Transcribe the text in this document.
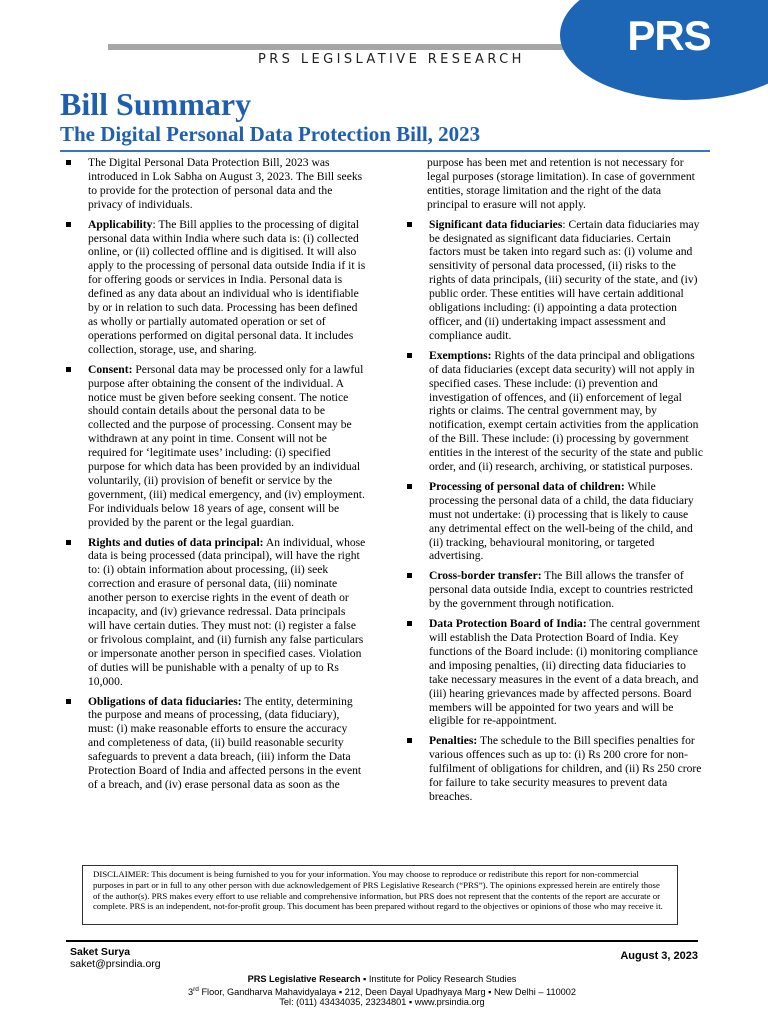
PRS
PRS LEGISLATIVE RESEARCH
Bill Summary
The Digital Personal Data Protection Bill, 2023
The Digital Personal Data Protection Bill, 2023 was introduced in Lok Sabha on August 3, 2023. The Bill seeks to provide for the protection of personal data and the privacy of individuals.
Applicability: The Bill applies to the processing of digital personal data within India where such data is: (i) collected online, or (ii) collected offline and is digitised. It will also apply to the processing of personal data outside India if it is for offering goods or services in India. Personal data is defined as any data about an individual who is identifiable by or in relation to such data. Processing has been defined as wholly or partially automated operation or set of operations performed on digital personal data. It includes collection, storage, use, and sharing.
Consent: Personal data may be processed only for a lawful purpose after obtaining the consent of the individual. A notice must be given before seeking consent. The notice should contain details about the personal data to be collected and the purpose of processing. Consent may be withdrawn at any point in time. Consent will not be required for ‘legitimate uses’ including: (i) specified purpose for which data has been provided by an individual voluntarily, (ii) provision of benefit or service by the government, (iii) medical emergency, and (iv) employment. For individuals below 18 years of age, consent will be provided by the parent or the legal guardian.
Rights and duties of data principal: An individual, whose data is being processed (data principal), will have the right to: (i) obtain information about processing, (ii) seek correction and erasure of personal data, (iii) nominate another person to exercise rights in the event of death or incapacity, and (iv) grievance redressal. Data principals will have certain duties. They must not: (i) register a false or frivolous complaint, and (ii) furnish any false particulars or impersonate another person in specified cases. Violation of duties will be punishable with a penalty of up to Rs 10,000.
Obligations of data fiduciaries: The entity, determining the purpose and means of processing, (data fiduciary), must: (i) make reasonable efforts to ensure the accuracy and completeness of data, (ii) build reasonable security safeguards to prevent a data breach, (iii) inform the Data Protection Board of India and affected persons in the event of a breach, and (iv) erase personal data as soon as the
purpose has been met and retention is not necessary for legal purposes (storage limitation). In case of government entities, storage limitation and the right of the data principal to erasure will not apply.
Significant data fiduciaries: Certain data fiduciaries may be designated as significant data fiduciaries. Certain factors must be taken into regard such as: (i) volume and sensitivity of personal data processed, (ii) risks to the rights of data principals, (iii) security of the state, and (iv) public order. These entities will have certain additional obligations including: (i) appointing a data protection officer, and (ii) undertaking impact assessment and compliance audit.
Exemptions: Rights of the data principal and obligations of data fiduciaries (except data security) will not apply in specified cases. These include: (i) prevention and investigation of offences, and (ii) enforcement of legal rights or claims. The central government may, by notification, exempt certain activities from the application of the Bill. These include: (i) processing by government entities in the interest of the security of the state and public order, and (ii) research, archiving, or statistical purposes.
Processing of personal data of children: While processing the personal data of a child, the data fiduciary must not undertake: (i) processing that is likely to cause any detrimental effect on the well-being of the child, and (ii) tracking, behavioural monitoring, or targeted advertising.
Cross-border transfer: The Bill allows the transfer of personal data outside India, except to countries restricted by the government through notification.
Data Protection Board of India: The central government will establish the Data Protection Board of India. Key functions of the Board include: (i) monitoring compliance and imposing penalties, (ii) directing data fiduciaries to take necessary measures in the event of a data breach, and (iii) hearing grievances made by affected persons. Board members will be appointed for two years and will be eligible for re-appointment.
Penalties: The schedule to the Bill specifies penalties for various offences such as up to: (i) Rs 200 crore for non-fulfilment of obligations for children, and (ii) Rs 250 crore for failure to take security measures to prevent data breaches.
DISCLAIMER: This document is being furnished to you for your information. You may choose to reproduce or redistribute this report for non-commercial purposes in part or in full to any other person with due acknowledgement of PRS Legislative Research (“PRS”). The opinions expressed herein are entirely those of the author(s). PRS makes every effort to use reliable and comprehensive information, but PRS does not represent that the contents of the report are accurate or complete. PRS is an independent, not-for-profit group. This document has been prepared without regard to the objectives or opinions of those who may receive it.
Saket Surya
saket@prsindia.org
August 3, 2023
PRS Legislative Research ▪ Institute for Policy Research Studies
3rd Floor, Gandharva Mahavidyalaya ▪ 212, Deen Dayal Upadhyaya Marg ▪ New Delhi – 110002
Tel: (011) 43434035, 23234801 ▪ www.prsindia.org
